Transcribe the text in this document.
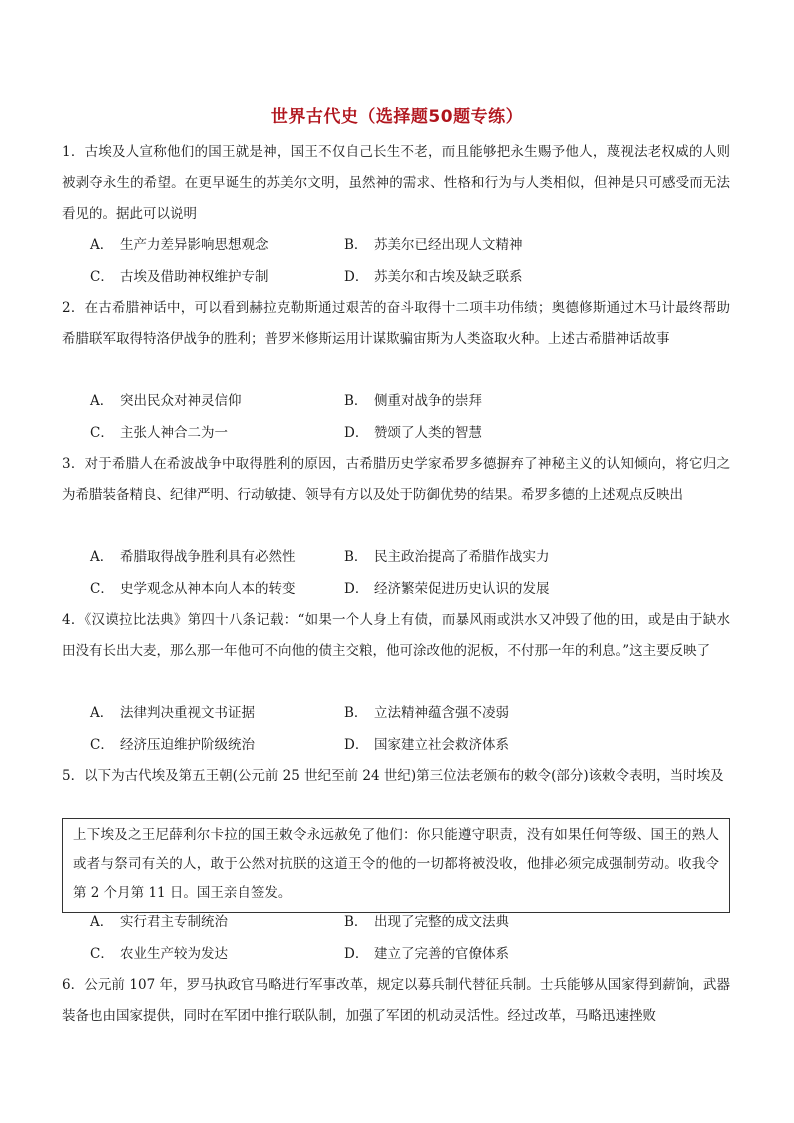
世界古代史（选择题50题专练）
1．古埃及人宣称他们的国王就是神，国王不仅自己长生不老，而且能够把永生赐予他人，蔑视法老权威的人则被剥夺永生的希望。在更早诞生的苏美尔文明，虽然神的需求、性格和行为与人类相似，但神是只可感受而无法看见的。据此可以说明
A． 生产力差异影响思想观念	B． 苏美尔已经出现人文精神
C． 古埃及借助神权维护专制	D． 苏美尔和古埃及缺乏联系
2．在古希腊神话中，可以看到赫拉克勒斯通过艰苦的奋斗取得十二项丰功伟绩；奥德修斯通过木马计最终帮助希腊联军取得特洛伊战争的胜利；普罗米修斯运用计谋欺骗宙斯为人类盗取火种。上述古希腊神话故事
A． 突出民众对神灵信仰	B． 侧重对战争的崇拜
C． 主张人神合二为一	D． 赞颂了人类的智慧
3．对于希腊人在希波战争中取得胜利的原因，古希腊历史学家希罗多德摒弃了神秘主义的认知倾向，将它归之为希腊装备精良、纪律严明、行动敏捷、领导有方以及处于防御优势的结果。希罗多德的上述观点反映出
A． 希腊取得战争胜利具有必然性	B． 民主政治提高了希腊作战实力
C． 史学观念从神本向人本的转变	D． 经济繁荣促进历史认识的发展
4．《汉谟拉比法典》第四十八条记载：“如果一个人身上有债，而暴风雨或洪水又冲毁了他的田，或是由于缺水田没有长出大麦，那么那一年他可不向他的债主交粮，他可涂改他的泥板，不付那一年的利息。”这主要反映了
A． 法律判决重视文书证据	B． 立法精神蕴含强不凌弱
C． 经济压迫维护阶级统治	D． 国家建立社会救济体系
5．以下为古代埃及第五王朝(公元前 25 世纪至前 24 世纪)第三位法老颁布的敕令(部分)该敕令表明，当时埃及
上下埃及之王尼薛利尔卡拉的国王敕令永远赦免了他们：你只能遵守职责，没有如果任何等级、国王的熟人或者与祭司有关的人，敢于公然对抗朕的这道王令的他的一切都将被没收，他排必须完成强制劳动。收我令第 2 个月第 11 日。国王亲自签发。
A． 实行君主专制统治	B． 出现了完整的成文法典
C． 农业生产较为发达	D． 建立了完善的官僚体系
6．公元前 107 年，罗马执政官马略进行军事改革，规定以募兵制代替征兵制。士兵能够从国家得到薪饷，武器装备也由国家提供，同时在军团中推行联队制，加强了军团的机动灵活性。经过改革，马略迅速挫败
